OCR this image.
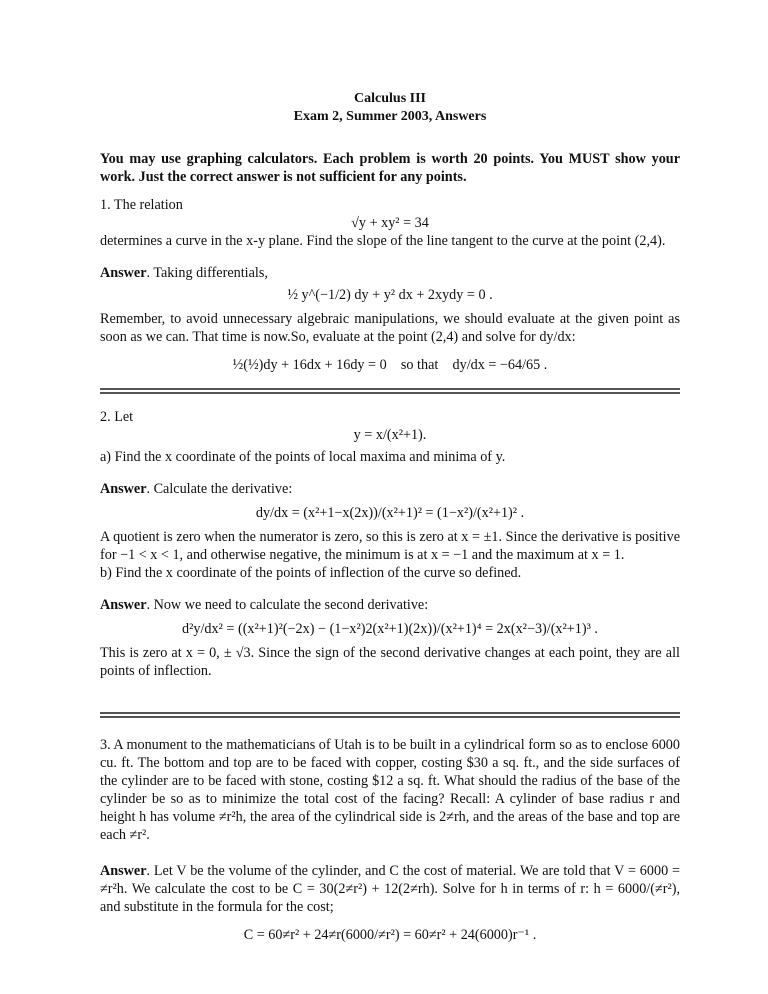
Calculus III
Exam 2, Summer 2003, Answers
You may use graphing calculators. Each problem is worth 20 points. You MUST show your work. Just the correct answer is not sufficient for any points.
1. The relation
√y + xy² = 34
determines a curve in the x-y plane. Find the slope of the line tangent to the curve at the point (2,4).
Answer. Taking differentials,
½ y^(−1/2) dy + y² dx + 2xydy = 0 .
Remember, to avoid unnecessary algebraic manipulations, we should evaluate at the given point as soon as we can. That time is now.So, evaluate at the point (2,4) and solve for dy/dx:
½(½)dy + 16dx + 16dy = 0 so that dy/dx = −64/65 .
2. Let
y = x/(x²+1).
a) Find the x coordinate of the points of local maxima and minima of y.
Answer. Calculate the derivative:
dy/dx = (x²+1−x(2x))/(x²+1)² = (1−x²)/(x²+1)² .
A quotient is zero when the numerator is zero, so this is zero at x = ±1. Since the derivative is positive for −1 < x < 1, and otherwise negative, the minimum is at x = −1 and the maximum at x = 1.
b) Find the x coordinate of the points of inflection of the curve so defined.
Answer. Now we need to calculate the second derivative:
d²y/dx² = ((x²+1)²(−2x) − (1−x²)2(x²+1)(2x))/(x²+1)⁴ = 2x(x²−3)/(x²+1)³ .
This is zero at x = 0, ± √3. Since the sign of the second derivative changes at each point, they are all points of inflection.
3. A monument to the mathematicians of Utah is to be built in a cylindrical form so as to enclose 6000 cu. ft. The bottom and top are to be faced with copper, costing $30 a sq. ft., and the side surfaces of the cylinder are to be faced with stone, costing $12 a sq. ft. What should the radius of the base of the cylinder be so as to minimize the total cost of the facing? Recall: A cylinder of base radius r and height h has volume ≠r²h, the area of the cylindrical side is 2≠rh, and the areas of the base and top are each ≠r².
Answer. Let V be the volume of the cylinder, and C the cost of material. We are told that V = 6000 = ≠r²h. We calculate the cost to be C = 30(2≠r²) + 12(2≠rh). Solve for h in terms of r: h = 6000/(≠r²), and substitute in the formula for the cost;
C = 60≠r² + 24≠r(6000/≠r²) = 60≠r² + 24(6000)r⁻¹ .
